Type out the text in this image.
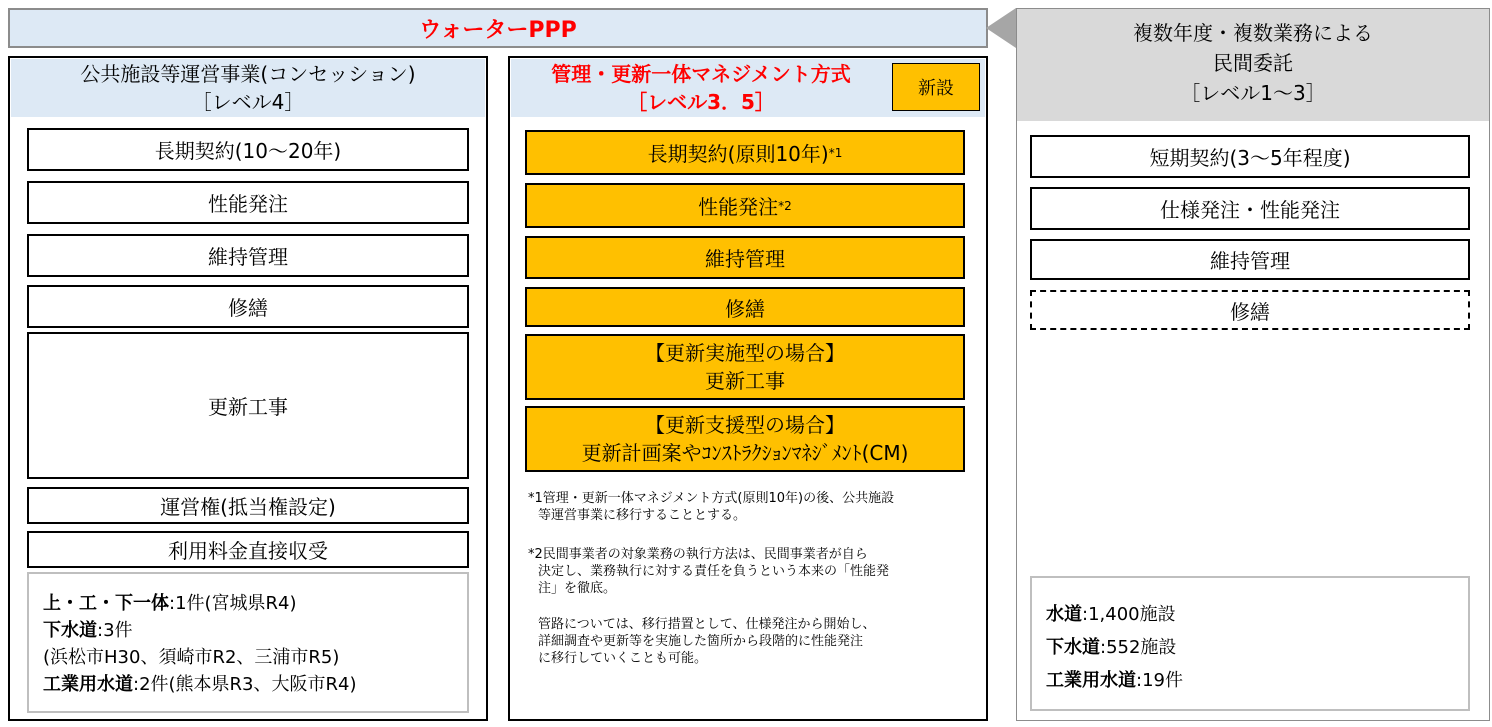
複数年度・複数業務による
民間委託
［レベル1～3］
ウォーターPPP
公共施設等運営事業(コンセッション)
［レベル4］
長期契約(10～20年)
性能発注
維持管理
修繕
更新工事
運営権(抵当権設定)
利用料金直接収受
上・工・下一体:1件(宮城県R4)
下水道:3件
(浜松市H30、須崎市R2、三浦市R5)
工業用水道:2件(熊本県R3、大阪市R4)
管理・更新一体マネジメント方式
［レベル3．5］
新設
長期契約(原則10年) *1
性能発注 *2
維持管理
修繕
【更新実施型の場合】
更新工事
【更新支援型の場合】
更新計画案やｺﾝｽﾄﾗｸｼｮﾝﾏﾈｼﾞﾒﾝﾄ(CM)
*1管理・更新一体マネジメント方式(原則10年)の後、公共施設
等運営事業に移行することとする。
*2民間事業者の対象業務の執行方法は、民間事業者が自ら
決定し、業務執行に対する責任を負うという本来の「性能発
注」を徹底。
管路については、移行措置として、仕様発注から開始し、
詳細調査や更新等を実施した箇所から段階的に性能発注
に移行していくことも可能。
短期契約(3～5年程度)
仕様発注・性能発注
維持管理
修繕
水道:1,400施設
下水道:552施設
工業用水道:19件
